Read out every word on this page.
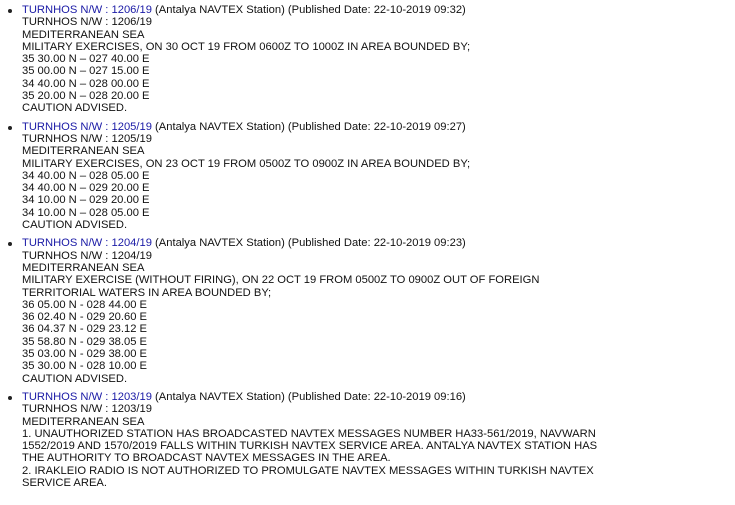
TURNHOS N/W : 1206/19 (Antalya NAVTEX Station) (Published Date: 22-10-2019 09:32)
TURNHOS N/W : 1206/19
MEDITERRANEAN SEA
MILITARY EXERCISES, ON 30 OCT 19 FROM 0600Z TO 1000Z IN AREA BOUNDED BY;
35 30.00 N – 027 40.00 E
35 00.00 N – 027 15.00 E
34 40.00 N – 028 00.00 E
35 20.00 N – 028 20.00 E
CAUTION ADVISED.
TURNHOS N/W : 1205/19 (Antalya NAVTEX Station) (Published Date: 22-10-2019 09:27)
TURNHOS N/W : 1205/19
MEDITERRANEAN SEA
MILITARY EXERCISES, ON 23 OCT 19 FROM 0500Z TO 0900Z IN AREA BOUNDED BY;
34 40.00 N – 028 05.00 E
34 40.00 N – 029 20.00 E
34 10.00 N – 029 20.00 E
34 10.00 N – 028 05.00 E
CAUTION ADVISED.
TURNHOS N/W : 1204/19 (Antalya NAVTEX Station) (Published Date: 22-10-2019 09:23)
TURNHOS N/W : 1204/19
MEDITERRANEAN SEA
MILITARY EXERCISE (WITHOUT FIRING), ON 22 OCT 19 FROM 0500Z TO 0900Z OUT OF FOREIGN
TERRITORIAL WATERS IN AREA BOUNDED BY;
36 05.00 N - 028 44.00 E
36 02.40 N - 029 20.60 E
36 04.37 N - 029 23.12 E
35 58.80 N - 029 38.05 E
35 03.00 N - 029 38.00 E
35 30.00 N - 028 10.00 E
CAUTION ADVISED.
TURNHOS N/W : 1203/19 (Antalya NAVTEX Station) (Published Date: 22-10-2019 09:16)
TURNHOS N/W : 1203/19
MEDITERRANEAN SEA
1. UNAUTHORIZED STATION HAS BROADCASTED NAVTEX MESSAGES NUMBER HA33-561/2019, NAVWARN
1552/2019 AND 1570/2019 FALLS WITHIN TURKISH NAVTEX SERVICE AREA. ANTALYA NAVTEX STATION HAS
THE AUTHORITY TO BROADCAST NAVTEX MESSAGES IN THE AREA.
2. IRAKLEIO RADIO IS NOT AUTHORIZED TO PROMULGATE NAVTEX MESSAGES WITHIN TURKISH NAVTEX
SERVICE AREA.
